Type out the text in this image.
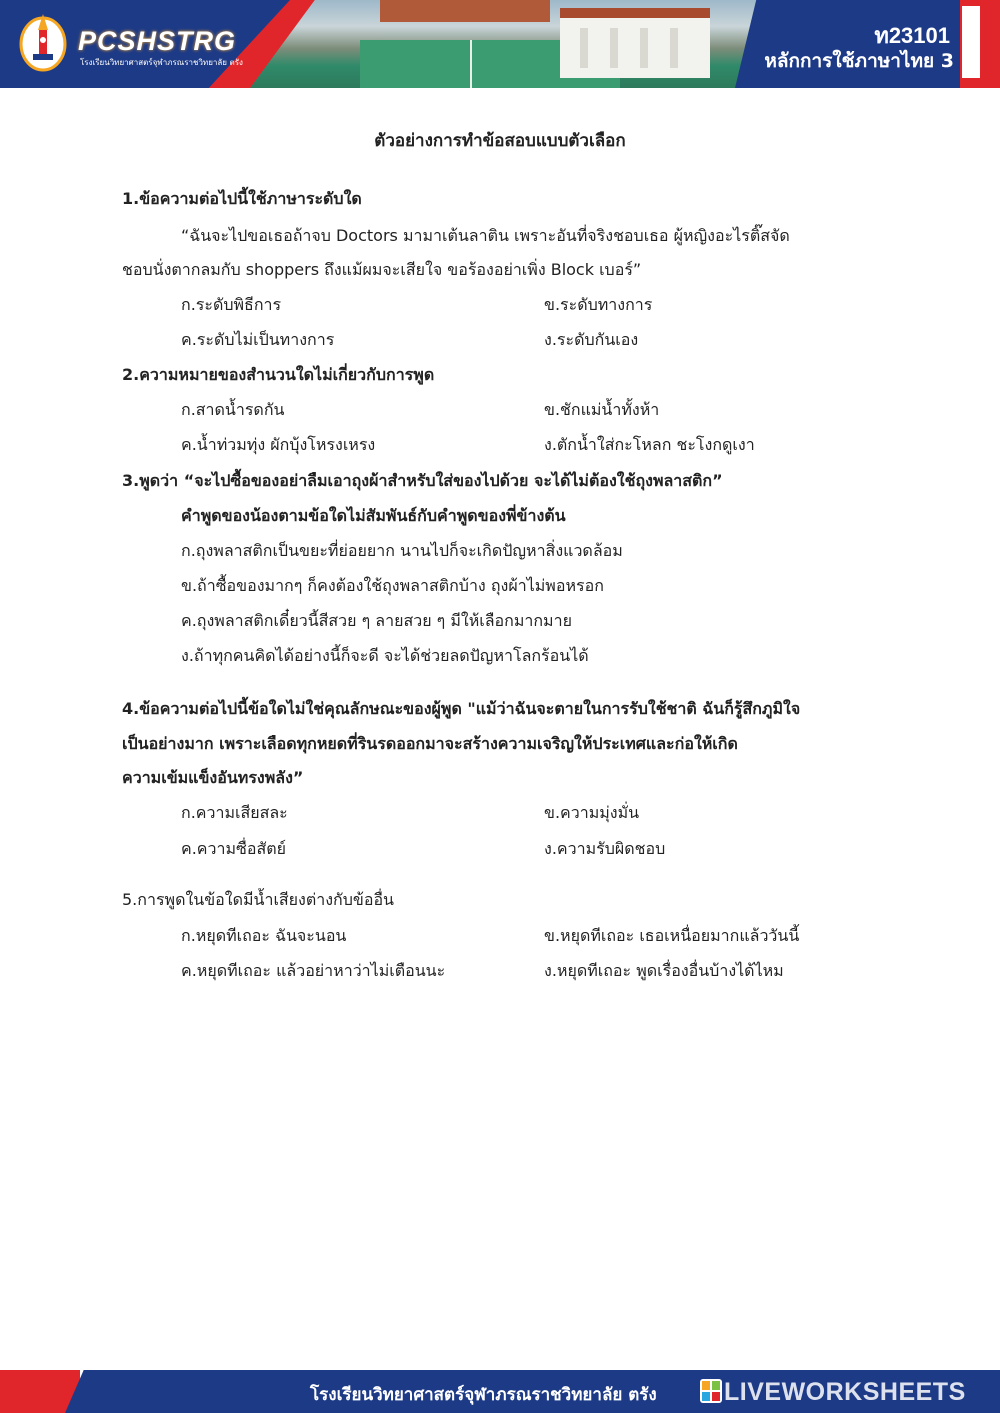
PCSHSTRG
โรงเรียนวิทยาศาสตร์จุฬาภรณราชวิทยาลัย ตรัง
ท23101
หลักการใช้ภาษาไทย 3
ตัวอย่างการทำข้อสอบแบบตัวเลือก
1.ข้อความต่อไปนี้ใช้ภาษาระดับใด
“ฉันจะไปขอเธอถ้าจบ Doctors มามาเต้นลาติน เพราะอันที่จริงชอบเธอ ผู้หญิงอะไรติ๊สจัด
ชอบนั่งตากลมกับ shoppers ถึงแม้ผมจะเสียใจ ขอร้องอย่าเพิ่ง Block เบอร์”
ก.ระดับพิธีการ	ข.ระดับทางการ
ค.ระดับไม่เป็นทางการ	ง.ระดับกันเอง
2.ความหมายของสำนวนใดไม่เกี่ยวกับการพูด
ก.สาดน้ำรดกัน	ข.ชักแม่น้ำทั้งห้า
ค.น้ำท่วมทุ่ง ผักบุ้งโหรงเหรง	ง.ตักน้ำใส่กะโหลก ชะโงกดูเงา
3.พูดว่า “จะไปซื้อของอย่าลืมเอาถุงผ้าสำหรับใส่ของไปด้วย จะได้ไม่ต้องใช้ถุงพลาสติก”
คำพูดของน้องตามข้อใดไม่สัมพันธ์กับคำพูดของพี่ข้างต้น
ก.ถุงพลาสติกเป็นขยะที่ย่อยยาก นานไปก็จะเกิดปัญหาสิ่งแวดล้อม
ข.ถ้าซื้อของมากๆ ก็คงต้องใช้ถุงพลาสติกบ้าง ถุงผ้าไม่พอหรอก
ค.ถุงพลาสติกเดี๋ยวนี้สีสวย ๆ ลายสวย ๆ มีให้เลือกมากมาย
ง.ถ้าทุกคนคิดได้อย่างนี้ก็จะดี จะได้ช่วยลดปัญหาโลกร้อนได้
4.ข้อความต่อไปนี้ข้อใดไม่ใช่คุณลักษณะของผู้พูด "แม้ว่าฉันจะตายในการรับใช้ชาติ ฉันก็รู้สึกภูมิใจ
เป็นอย่างมาก เพราะเลือดทุกหยดที่รินรดออกมาจะสร้างความเจริญให้ประเทศและก่อให้เกิด
ความเข้มแข็งอันทรงพลัง”
ก.ความเสียสละ	ข.ความมุ่งมั่น
ค.ความซื่อสัตย์	ง.ความรับผิดชอบ
5.การพูดในข้อใดมีน้ำเสียงต่างกับข้ออื่น
ก.หยุดทีเถอะ ฉันจะนอน	ข.หยุดทีเถอะ เธอเหนื่อยมากแล้ววันนี้
ค.หยุดทีเถอะ แล้วอย่าหาว่าไม่เตือนนะ	ง.หยุดทีเถอะ พูดเรื่องอื่นบ้างได้ไหม
โรงเรียนวิทยาศาสตร์จุฬาภรณราชวิทยาลัย ตรัง	LIVEWORKSHEETS
